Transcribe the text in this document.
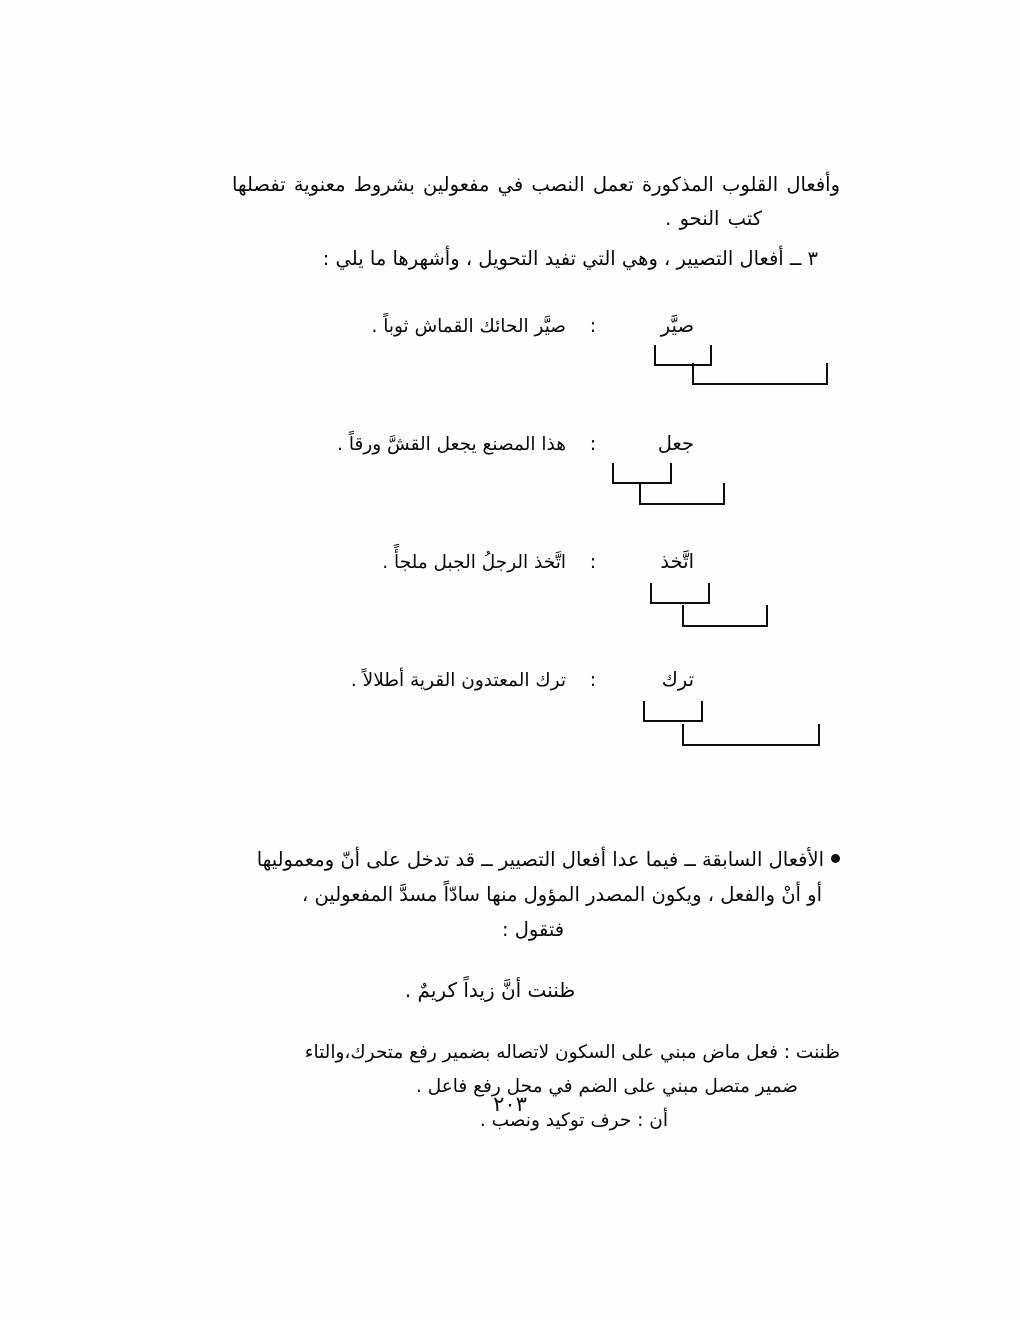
وأفعال القلوب المذكورة تعمل النصب في مفعولين بشروط معنوية تفصلها
كتب النحو .

٣ ــ أفعال التصيير ، وهي التي تفيد التحويل ، وأشهرها ما يلي :

صيَّر
:
صيَّر الحائك القماش ثوباً .
جعل
:
هذا المصنع يجعل القشَّ ورقاً .
اتَّخذ
:
اتَّخذ الرجلُ الجبل ملجأً .
ترك
:
ترك المعتدون القرية أطلالاً .
الأفعال السابقة ــ فيما عدا أفعال التصيير ــ قد تدخل على أنّ ومعموليها
أو أنْ والفعل ، ويكون المصدر المؤول منها سادّاً مسدَّ المفعولين ،
فتقول :
ظننت أنَّ زيداً كريمٌ .
ظننت : فعل ماض مبني على السكون لاتصاله بضمير رفع متحرك،والتاء
ضمير متصل مبني على الضم في محل رفع فاعل .
أن : حرف توكيد ونصب .
٢٠٣
